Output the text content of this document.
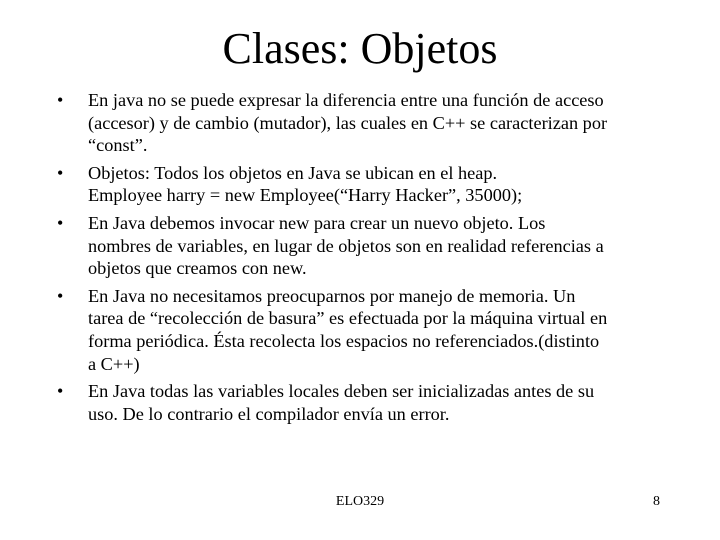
Clases: Objetos
• En java no se puede expresar la diferencia entre una función de acceso
(accesor) y de cambio (mutador), las cuales en C++ se caracterizan por
“const”.
• Objetos: Todos los objetos en Java se ubican en el heap.
Employee harry = new Employee(“Harry Hacker”, 35000);
• En Java debemos invocar new para crear un nuevo objeto. Los
nombres de variables, en lugar de objetos son en realidad referencias a
objetos que creamos con new.
• En Java no necesitamos preocuparnos por manejo de memoria. Un
tarea de “recolección de basura” es efectuada por la máquina virtual en
forma periódica. Ésta recolecta los espacios no referenciados.(distinto
a C++)
• En Java todas las variables locales deben ser inicializadas antes de su
uso. De lo contrario el compilador envía un error.
ELO329	8
